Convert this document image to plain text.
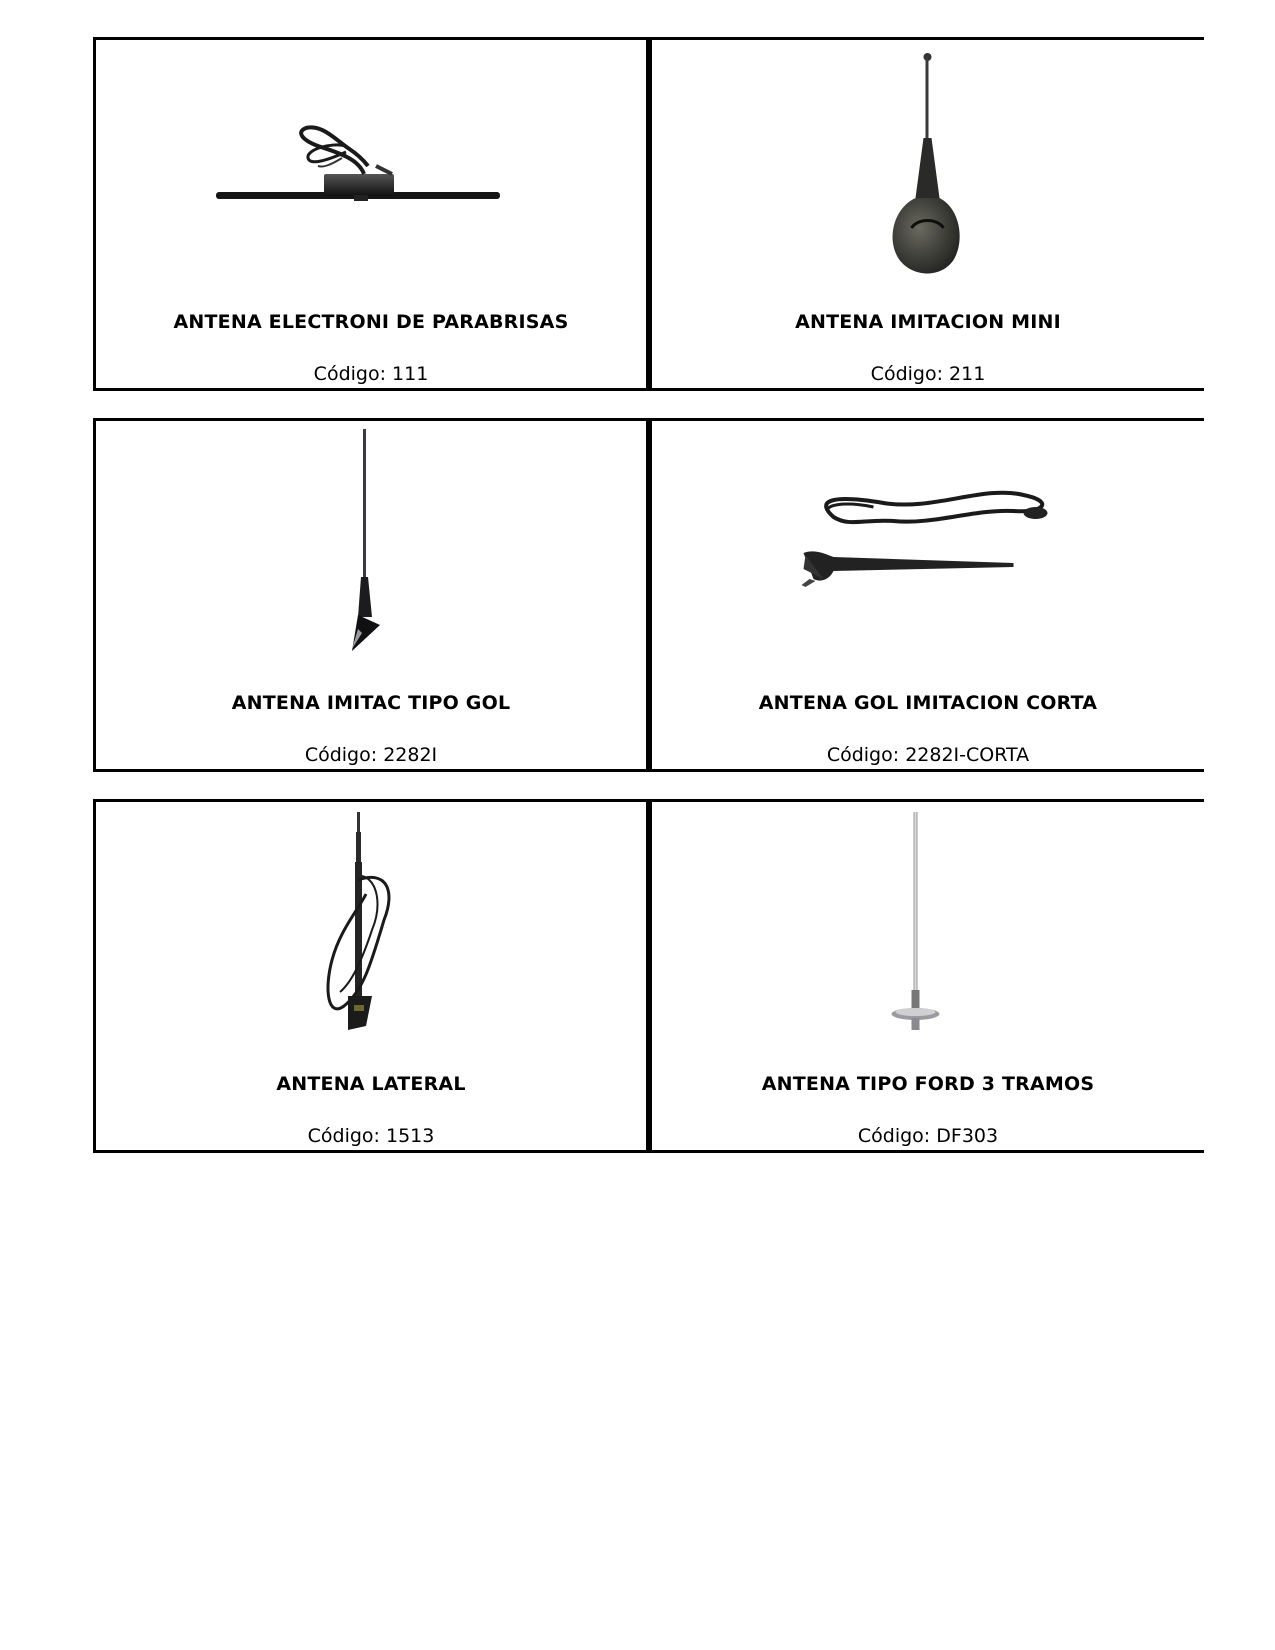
ANTENA ELECTRONI DE PARABRISAS
Código: 111
ANTENA IMITACION MINI
Código: 211
ANTENA IMITAC TIPO GOL
Código: 2282I
ANTENA GOL IMITACION CORTA
Código: 2282I-CORTA
ANTENA LATERAL
Código: 1513
ANTENA TIPO FORD 3 TRAMOS
Código: DF303
